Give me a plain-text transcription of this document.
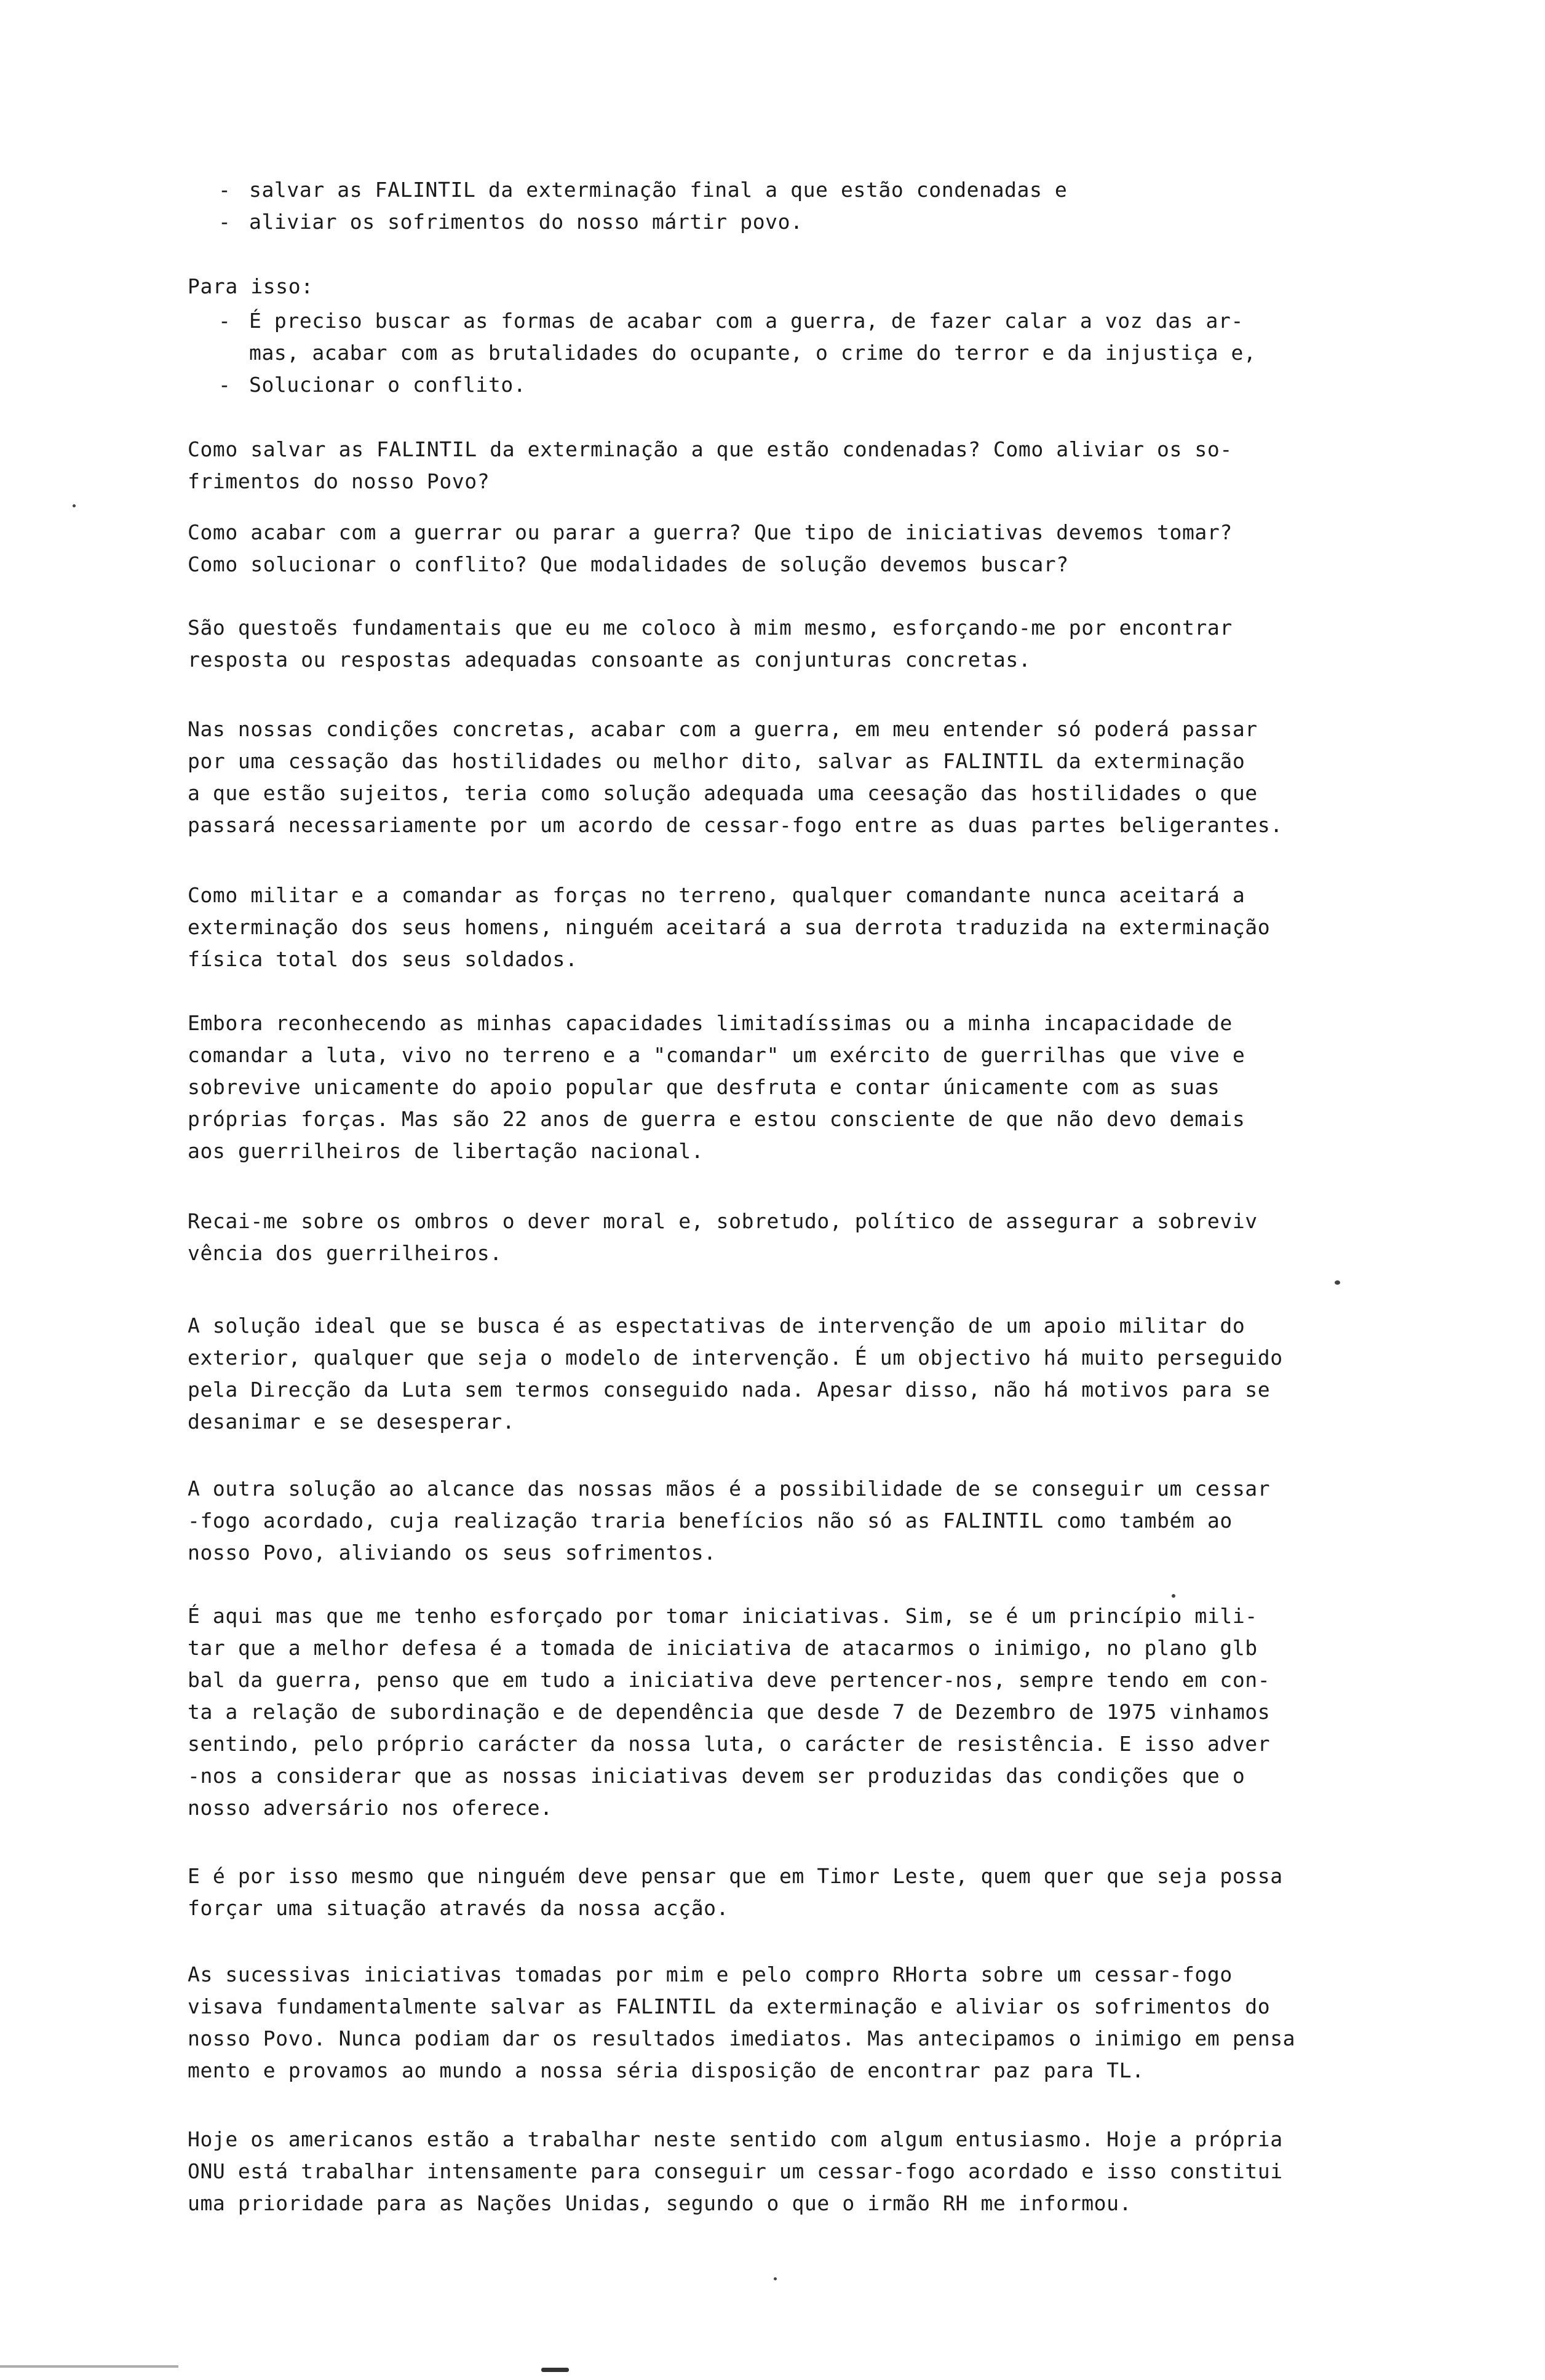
- salvar as FALINTIL da exterminação final a que estão condenadas e
- aliviar os sofrimentos do nosso mártir povo.
Para isso:
- É preciso buscar as formas de acabar com a guerra, de fazer calar a voz das ar-
mas, acabar com as brutalidades do ocupante, o crime do terror e da injustiça e,
- Solucionar o conflito.
Como salvar as FALINTIL da exterminação a que estão condenadas? Como aliviar os so-
frimentos do nosso Povo?
Como acabar com a guerrar ou parar a guerra? Que tipo de iniciativas devemos tomar?
Como solucionar o conflito? Que modalidades de solução devemos buscar?
São questoẽs fundamentais que eu me coloco à mim mesmo, esforçando-me por encontrar
resposta ou respostas adequadas consoante as conjunturas concretas.
Nas nossas condições concretas, acabar com a guerra, em meu entender só poderá passar
por uma cessação das hostilidades ou melhor dito, salvar as FALINTIL da exterminação
a que estão sujeitos, teria como solução adequada uma ceesação das hostilidades o que
passará necessariamente por um acordo de cessar-fogo entre as duas partes beligerantes.
Como militar e a comandar as forças no terreno, qualquer comandante nunca aceitará a
exterminação dos seus homens, ninguém aceitará a sua derrota traduzida na exterminação
física total dos seus soldados.
Embora reconhecendo as minhas capacidades limitadíssimas ou a minha incapacidade de
comandar a luta, vivo no terreno e a "comandar" um exército de guerrilhas que vive e
sobrevive unicamente do apoio popular que desfruta e contar únicamente com as suas
próprias forças. Mas são 22 anos de guerra e estou consciente de que não devo demais
aos guerrilheiros de libertação nacional.
Recai-me sobre os ombros o dever moral e, sobretudo, político de assegurar a sobreviv
vência dos guerrilheiros.
A solução ideal que se busca é as espectativas de intervenção de um apoio militar do
exterior, qualquer que seja o modelo de intervenção. É um objectivo há muito perseguido
pela Direcção da Luta sem termos conseguido nada. Apesar disso, não há motivos para se
desanimar e se desesperar.
A outra solução ao alcance das nossas mãos é a possibilidade de se conseguir um cessar
-fogo acordado, cuja realização traria benefícios não só as FALINTIL como também ao
nosso Povo, aliviando os seus sofrimentos.
É aqui mas que me tenho esforçado por tomar iniciativas. Sim, se é um princípio mili-
tar que a melhor defesa é a tomada de iniciativa de atacarmos o inimigo, no plano glb
bal da guerra, penso que em tudo a iniciativa deve pertencer-nos, sempre tendo em con-
ta a relação de subordinação e de dependência que desde 7 de Dezembro de 1975 vinhamos
sentindo, pelo próprio carácter da nossa luta, o carácter de resistência. E isso adver
-nos a considerar que as nossas iniciativas devem ser produzidas das condições que o
nosso adversário nos oferece.
E é por isso mesmo que ninguém deve pensar que em Timor Leste, quem quer que seja possa
forçar uma situação através da nossa acção.
As sucessivas iniciativas tomadas por mim e pelo compro RHorta sobre um cessar-fogo
visava fundamentalmente salvar as FALINTIL da exterminação e aliviar os sofrimentos do
nosso Povo. Nunca podiam dar os resultados imediatos. Mas antecipamos o inimigo em pensa
mento e provamos ao mundo a nossa séria disposição de encontrar paz para TL.
Hoje os americanos estão a trabalhar neste sentido com algum entusiasmo. Hoje a própria
ONU está trabalhar intensamente para conseguir um cessar-fogo acordado e isso constitui
uma prioridade para as Nações Unidas, segundo o que o irmão RH me informou.
